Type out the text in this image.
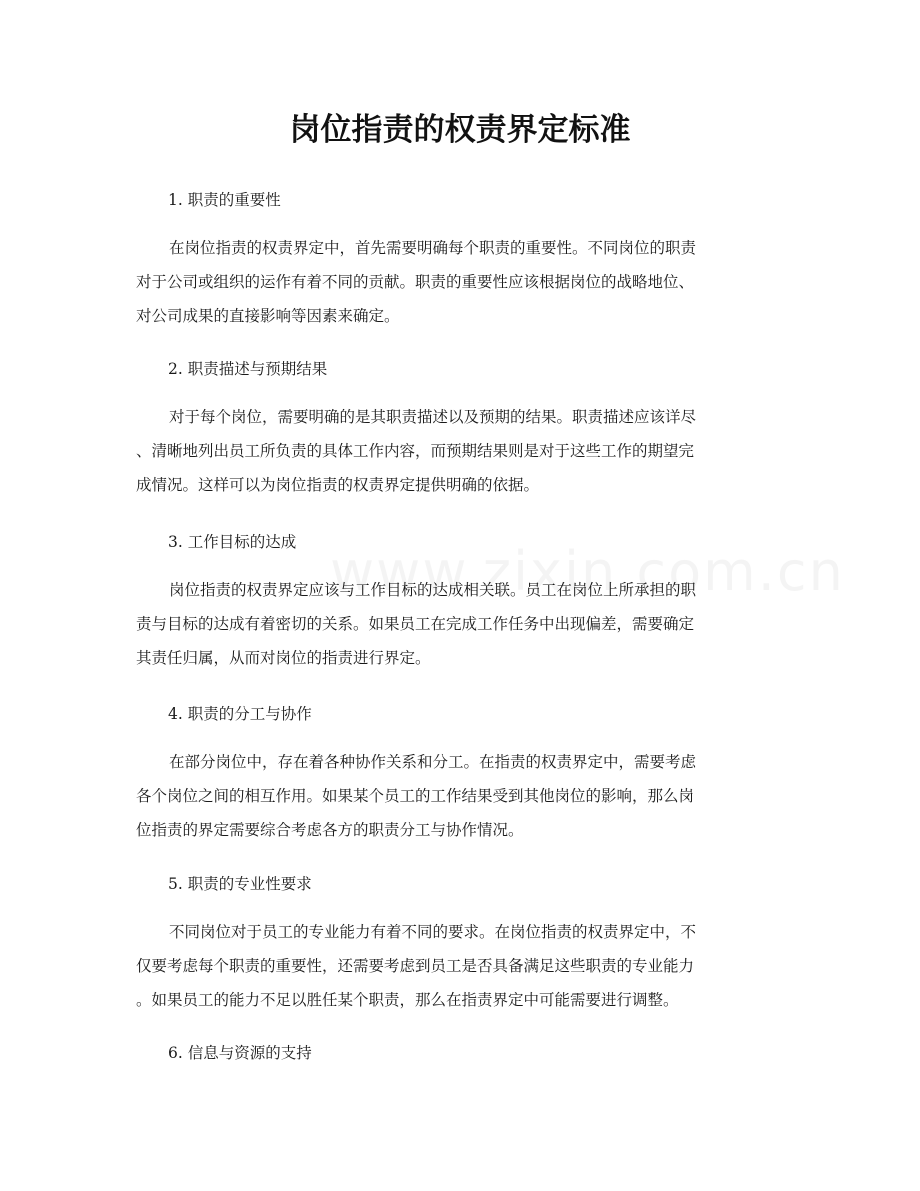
岗位指责的权责界定标准

1. 职责的重要性

在岗位指责的权责界定中，首先需要明确每个职责的重要性。不同岗位的职责
对于公司或组织的运作有着不同的贡献。职责的重要性应该根据岗位的战略地位、
对公司成果的直接影响等因素来确定。

2. 职责描述与预期结果

对于每个岗位，需要明确的是其职责描述以及预期的结果。职责描述应该详尽
、清晰地列出员工所负责的具体工作内容，而预期结果则是对于这些工作的期望完
成情况。这样可以为岗位指责的权责界定提供明确的依据。

3. 工作目标的达成

岗位指责的权责界定应该与工作目标的达成相关联。员工在岗位上所承担的职
责与目标的达成有着密切的关系。如果员工在完成工作任务中出现偏差，需要确定
其责任归属，从而对岗位的指责进行界定。

4. 职责的分工与协作

在部分岗位中，存在着各种协作关系和分工。在指责的权责界定中，需要考虑
各个岗位之间的相互作用。如果某个员工的工作结果受到其他岗位的影响，那么岗
位指责的界定需要综合考虑各方的职责分工与协作情况。

5. 职责的专业性要求

不同岗位对于员工的专业能力有着不同的要求。在岗位指责的权责界定中，不
仅要考虑每个职责的重要性，还需要考虑到员工是否具备满足这些职责的专业能力
。如果员工的能力不足以胜任某个职责，那么在指责界定中可能需要进行调整。

6. 信息与资源的支持
